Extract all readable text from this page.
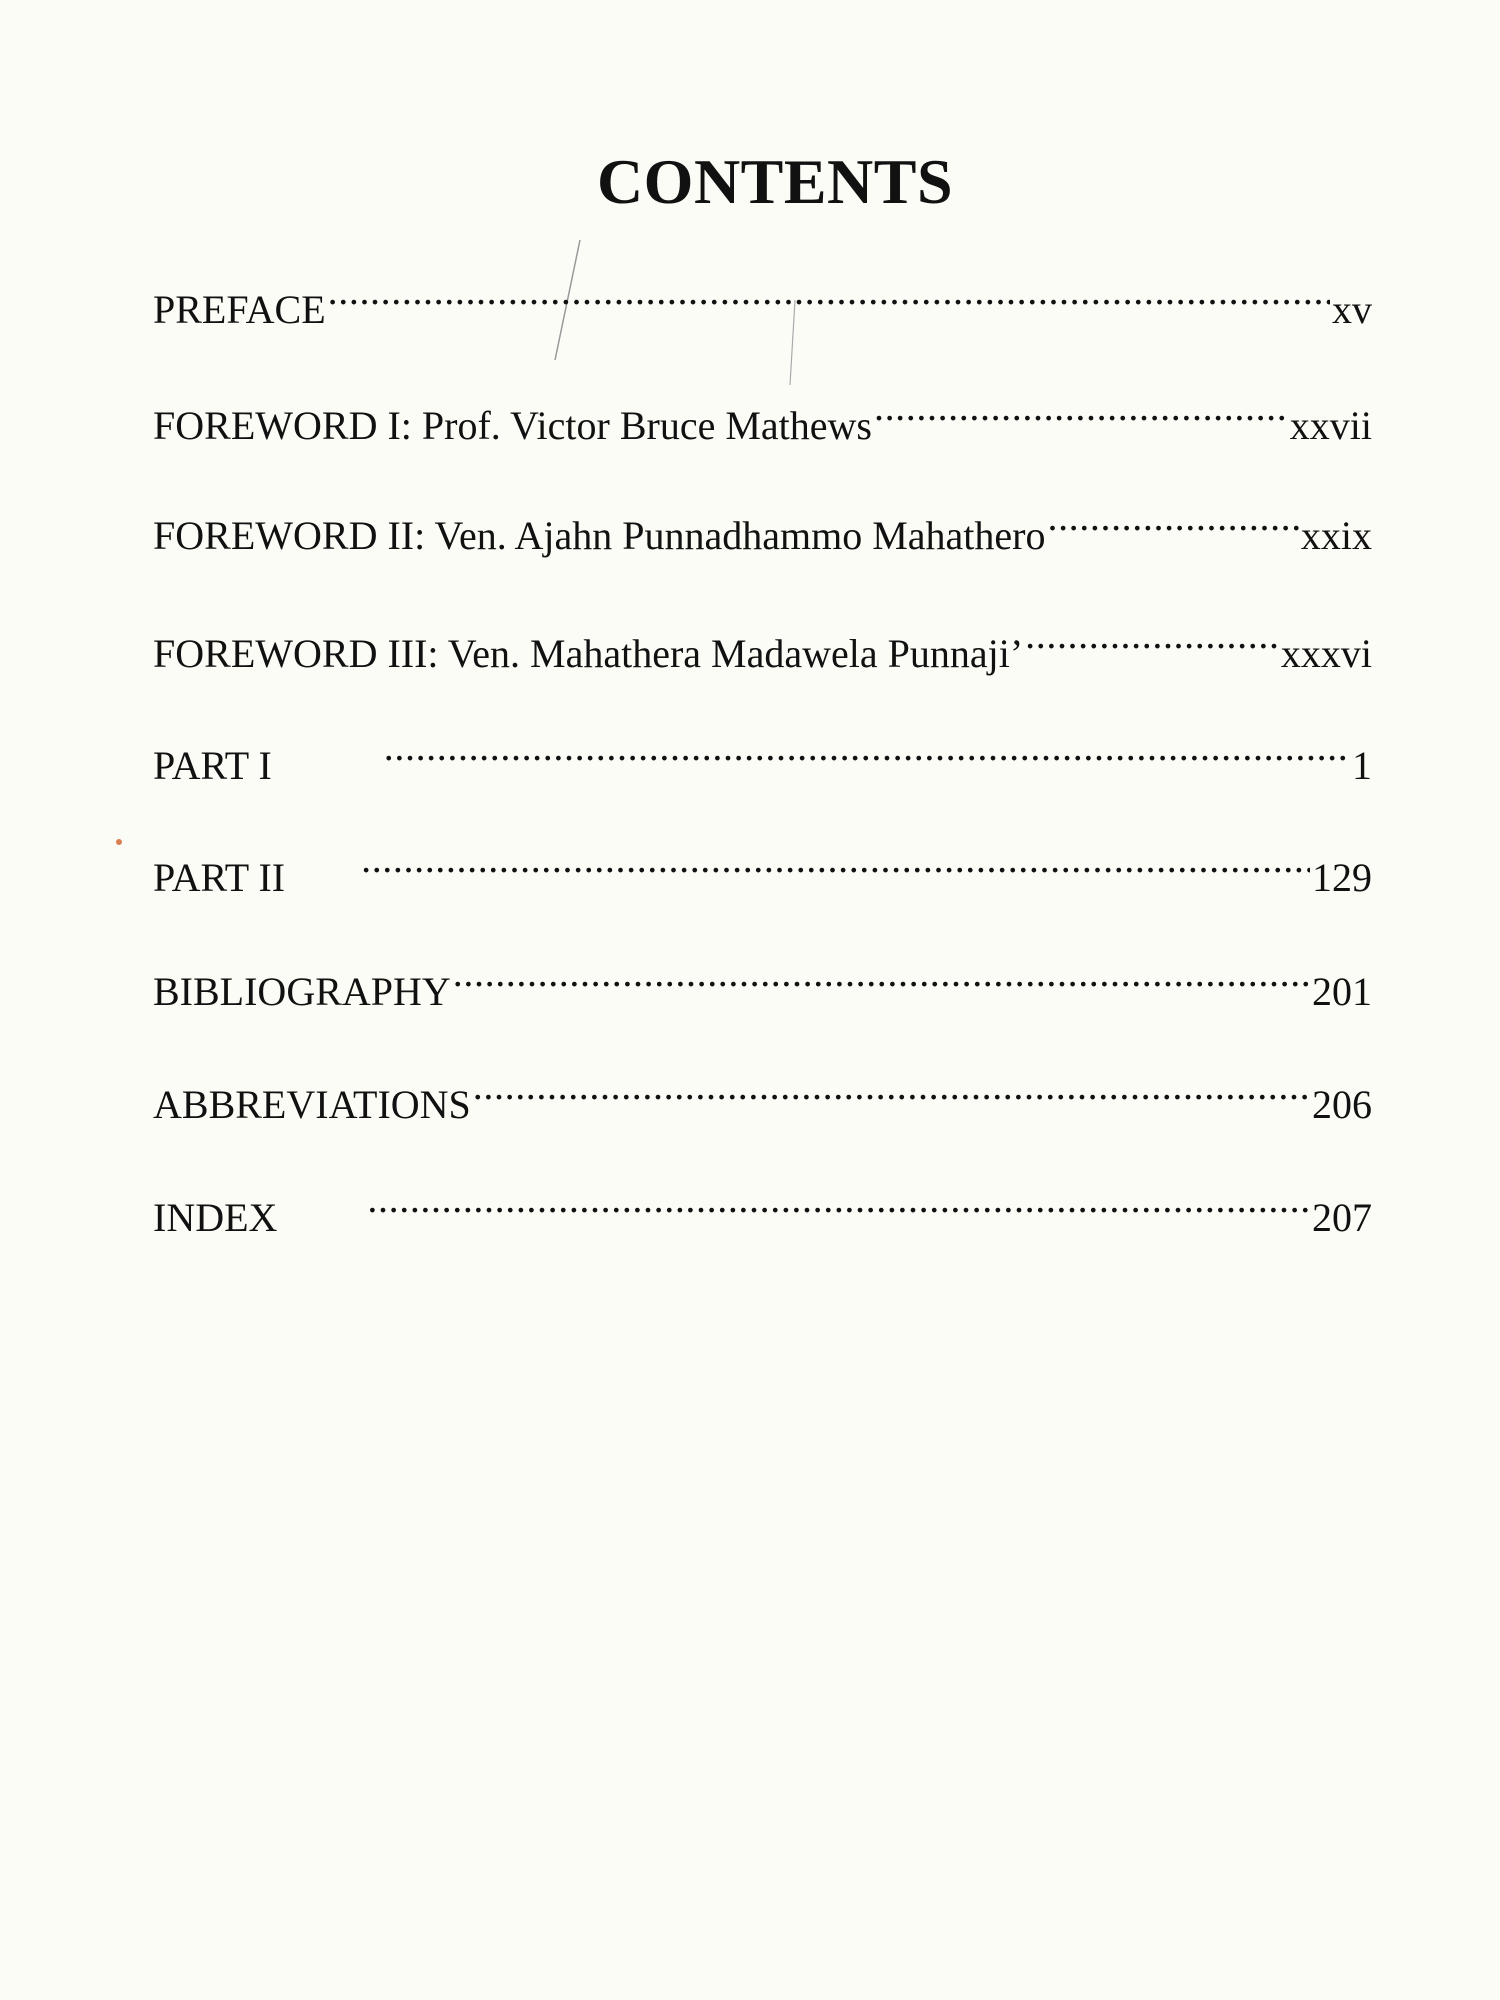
CONTENTS
PREFACE .....	xv
FOREWORD I: Prof. Victor Bruce Mathews .....	xxvii
FOREWORD II: Ven. Ajahn Punnadhammo Mahathero .....	xxix
FOREWORD III: Ven. Mahathera Madawela Punnaji’ .....	xxxvi
PART I .....	1
PART II .....	129
BIBLIOGRAPHY .....	201
ABBREVIATIONS .....	206
INDEX .....	207
